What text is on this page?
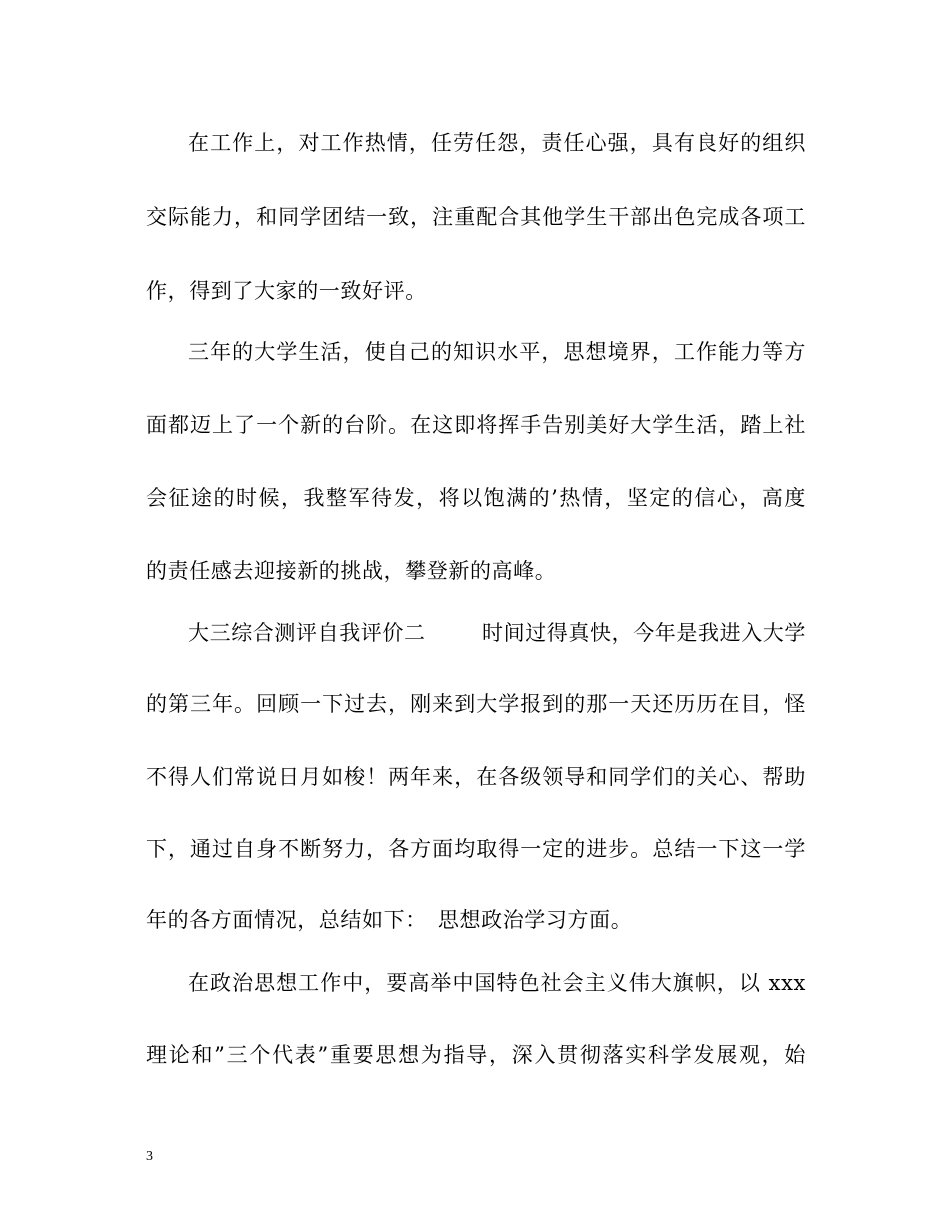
在工作上，对工作热情，任劳任怨，责任心强，具有良好的组织
交际能力，和同学团结一致，注重配合其他学生干部出色完成各项工
作，得到了大家的一致好评。
三年的大学生活，使自己的知识水平，思想境界，工作能力等方
面都迈上了一个新的台阶。在这即将挥手告别美好大学生活，踏上社
会征途的时候，我整军待发，将以饱满的’热情，坚定的信心，高度
的责任感去迎接新的挑战，攀登新的高峰。
大三综合测评自我评价二	时间过得真快，今年是我进入大学
的第三年。回顾一下过去，刚来到大学报到的那一天还历历在目，怪
不得人们常说日月如梭！两年来，在各级领导和同学们的关心、帮助
下，通过自身不断努力，各方面均取得一定的进步。总结一下这一学
年的各方面情况，总结如下：　思想政治学习方面。
在政治思想工作中，要高举中国特色社会主义伟大旗帜，以 xxx
理论和”三个代表”重要思想为指导，深入贯彻落实科学发展观，始
3
